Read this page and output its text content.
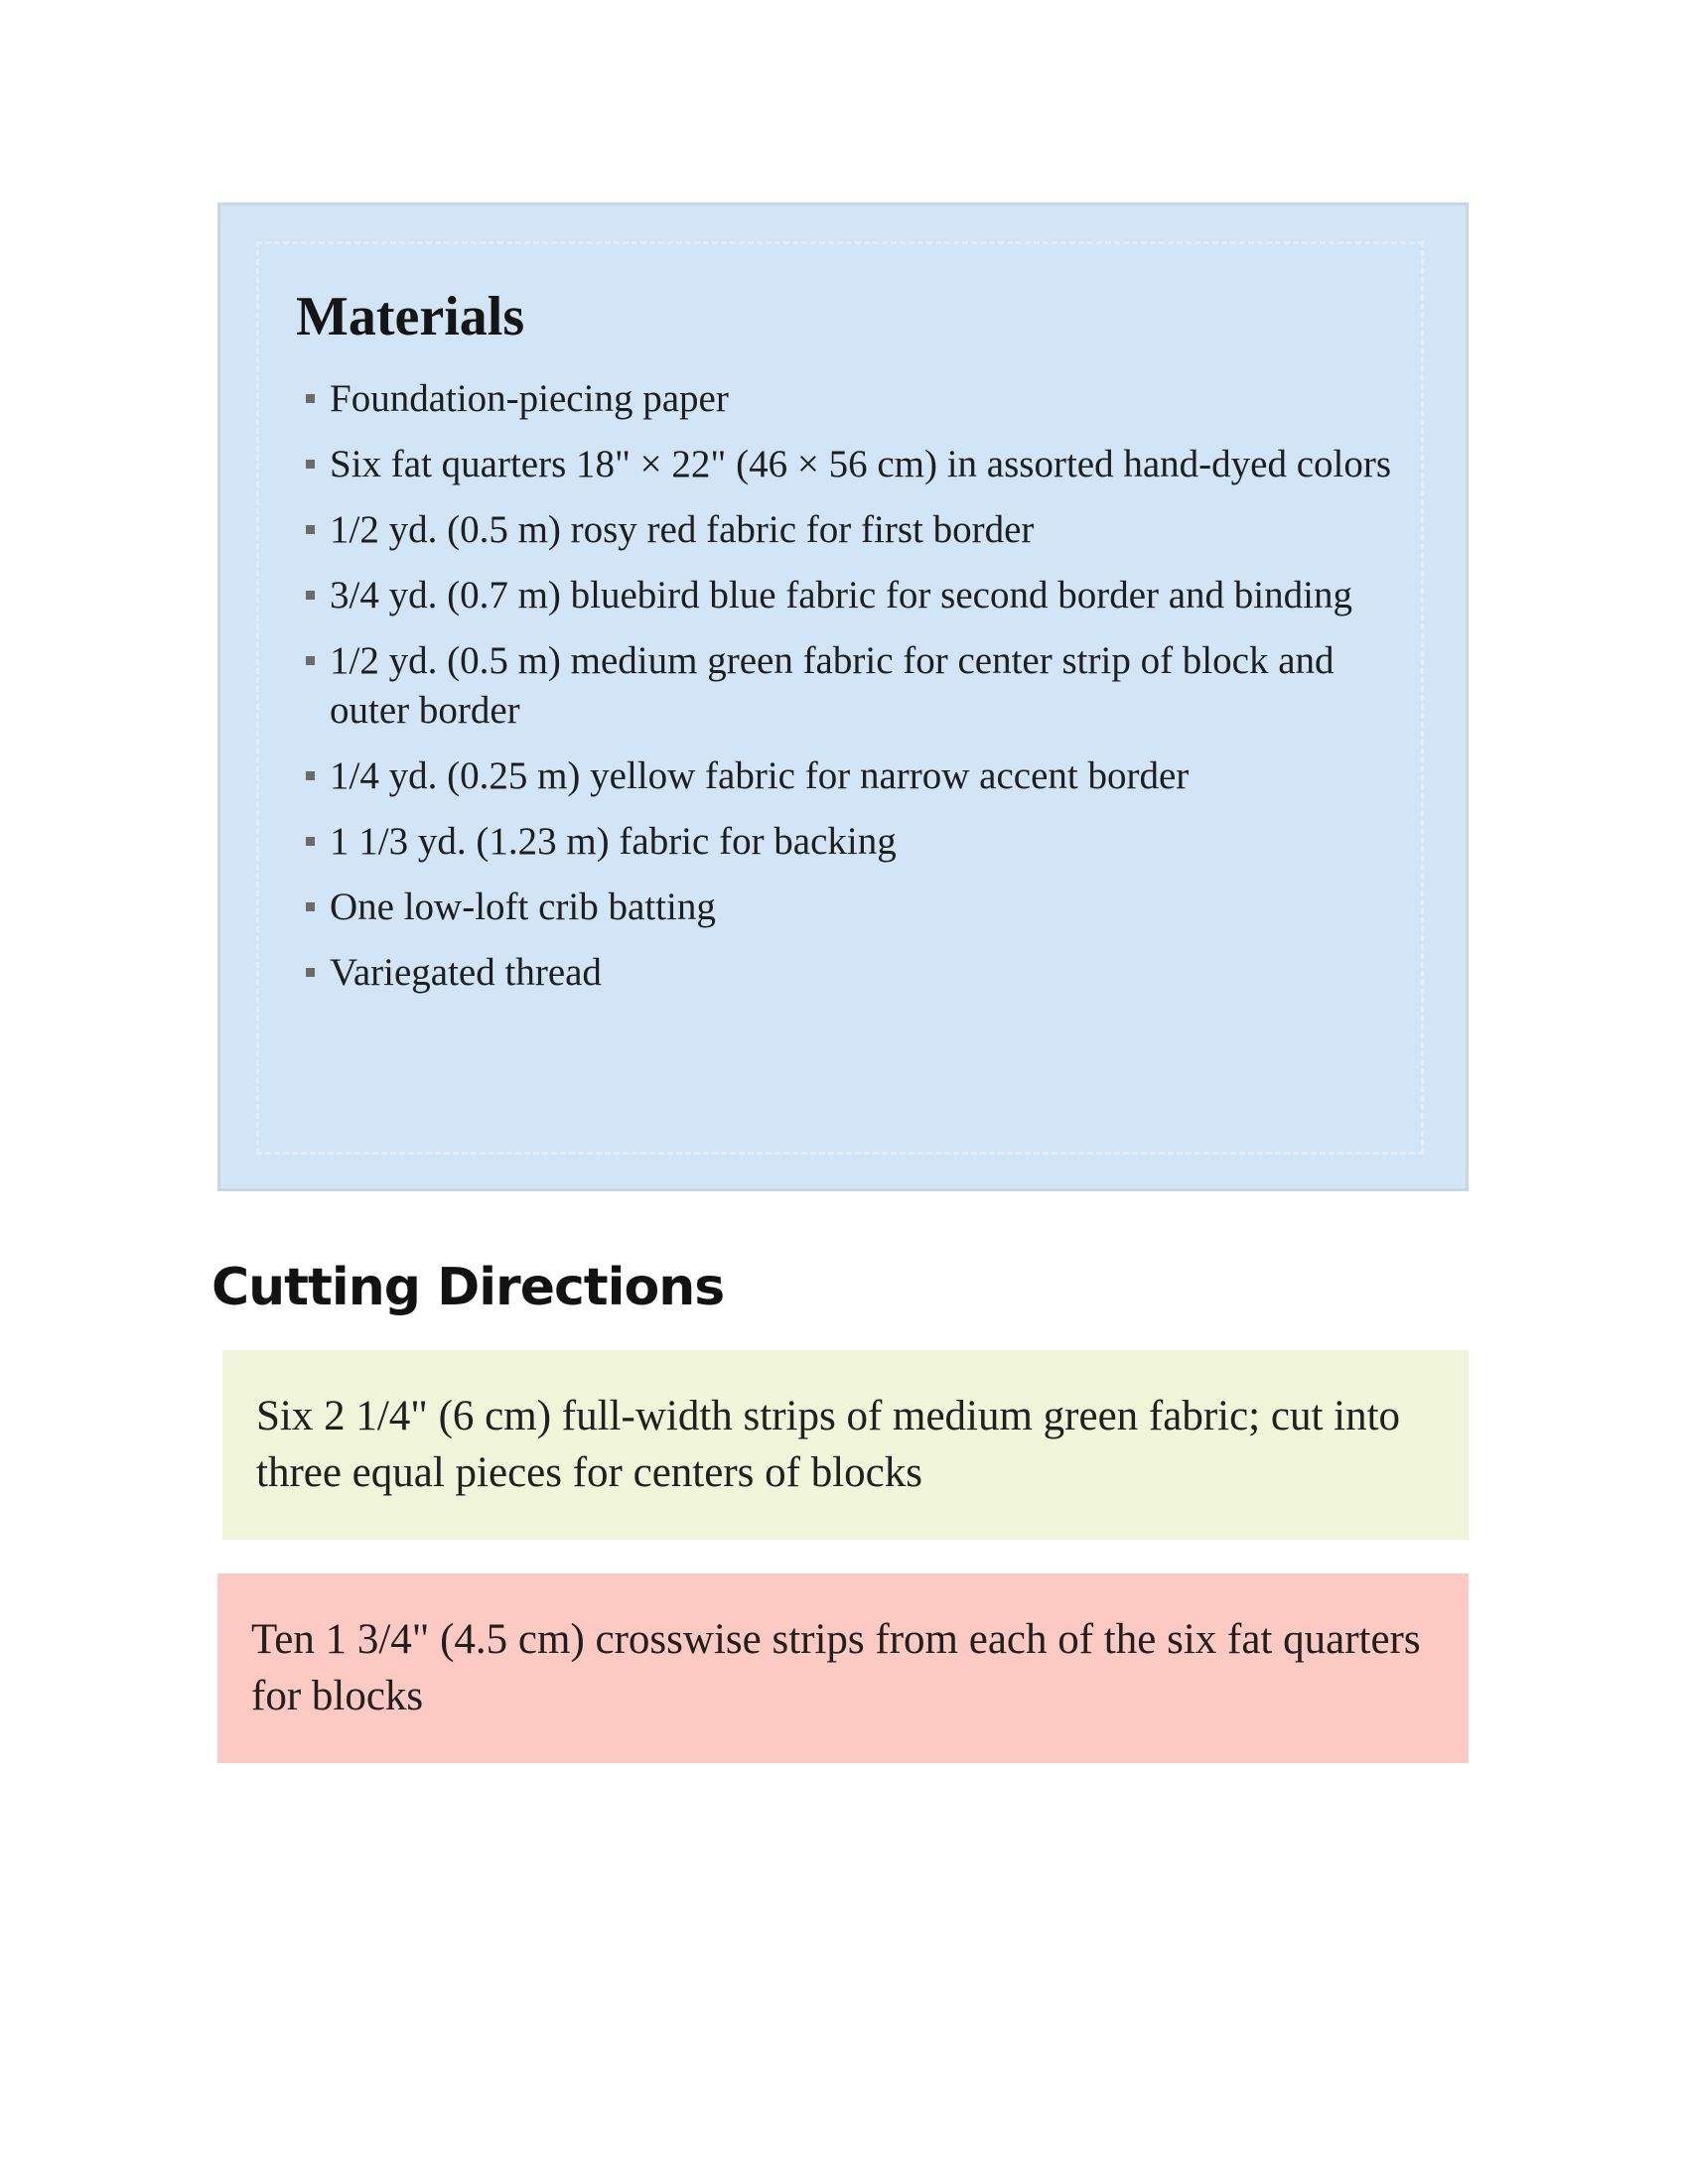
Materials
Foundation-piecing paper
Six fat quarters 18" × 22" (46 × 56 cm) in assorted hand-dyed colors
1/2 yd. (0.5 m) rosy red fabric for first border
3/4 yd. (0.7 m) bluebird blue fabric for second border and binding
1/2 yd. (0.5 m) medium green fabric for center strip of block and outer border
1/4 yd. (0.25 m) yellow fabric for narrow accent border
1 1/3 yd. (1.23 m) fabric for backing
One low-loft crib batting
Variegated thread
Cutting Directions
Six 2 1/4" (6 cm) full-width strips of medium green fabric; cut into three equal pieces for centers of blocks
Ten 1 3/4" (4.5 cm) crosswise strips from each of the six fat quarters for blocks
